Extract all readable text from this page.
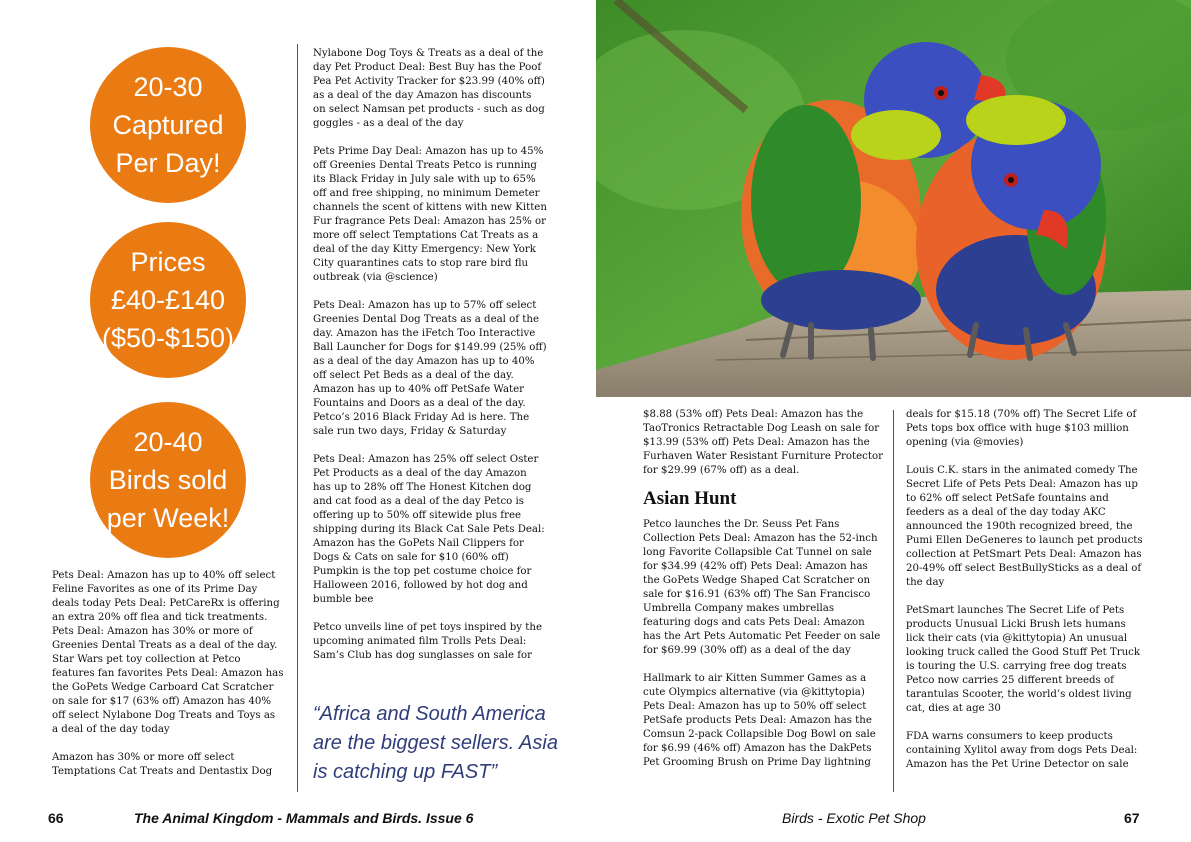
20-30
Captured
Per Day!
Prices
£40-£140
($50-$150)
20-40
Birds sold
per Week!

Pets Deal: Amazon has up to 40% off select Feline Favorites as one of its Prime Day deals today Pets Deal: PetCareRx is offering an extra 20% off flea and tick treatments. Pets Deal: Amazon has 30% or more of Greenies Dental Treats as a deal of the day. Star Wars pet toy collection at Petco features fan favorites Pets Deal: Amazon has the GoPets Wedge Carboard Cat Scratcher on sale for $17 (63% off) Amazon has 40% off select Nylabone Dog Treats and Toys as a deal of the day today

Amazon has 30% or more off select Temptations Cat Treats and Dentastix Dog

Nylabone Dog Toys & Treats as a deal of the day Pet Product Deal: Best Buy has the Poof Pea Pet Activity Tracker for $23.99 (40% off) as a deal of the day Amazon has discounts on select Namsan pet products - such as dog goggles - as a deal of the day

Pets Prime Day Deal: Amazon has up to 45% off Greenies Dental Treats Petco is running its Black Friday in July sale with up to 65% off and free shipping, no minimum Demeter channels the scent of kittens with new Kitten Fur fragrance Pets Deal: Amazon has 25% or more off select Temptations Cat Treats as a deal of the day Kitty Emergency: New York City quarantines cats to stop rare bird flu outbreak (via @science)

Pets Deal: Amazon has up to 57% off select Greenies Dental Dog Treats as a deal of the day. Amazon has the iFetch Too Interactive Ball Launcher for Dogs for $149.99 (25% off) as a deal of the day Amazon has up to 40% off select Pet Beds as a deal of the day. Amazon has up to 40% off PetSafe Water Fountains and Doors as a deal of the day. Petco’s 2016 Black Friday Ad is here. The sale run two days, Friday & Saturday

Pets Deal: Amazon has 25% off select Oster Pet Products as a deal of the day Amazon has up to 28% off The Honest Kitchen dog and cat food as a deal of the day Petco is offering up to 50% off sitewide plus free shipping during its Black Cat Sale Pets Deal: Amazon has the GoPets Nail Clippers for Dogs & Cats on sale for $10 (60% off) Pumpkin is the top pet costume choice for Halloween 2016, followed by hot dog and bumble bee

Petco unveils line of pet toys inspired by the upcoming animated film Trolls Pets Deal: Sam’s Club has dog sunglasses on sale for

“Africa and South America are the biggest sellers. Asia is catching up FAST”

$8.88 (53% off) Pets Deal: Amazon has the TaoTronics Retractable Dog Leash on sale for $13.99 (53% off) Pets Deal: Amazon has the Furhaven Water Resistant Furniture Protector for $29.99 (67% off) as a deal.

Asian Hunt

Petco launches the Dr. Seuss Pet Fans Collection Pets Deal: Amazon has the 52-inch long Favorite Collapsible Cat Tunnel on sale for $34.99 (42% off) Pets Deal: Amazon has the GoPets Wedge Shaped Cat Scratcher on sale for $16.91 (63% off) The San Francisco Umbrella Company makes umbrellas featuring dogs and cats Pets Deal: Amazon has the Art Pets Automatic Pet Feeder on sale for $69.99 (30% off) as a deal of the day

Hallmark to air Kitten Summer Games as a cute Olympics alternative (via @kittytopia) Pets Deal: Amazon has up to 50% off select PetSafe products Pets Deal: Amazon has the Comsun 2-pack Collapsible Dog Bowl on sale for $6.99 (46% off) Amazon has the DakPets Pet Grooming Brush on Prime Day lightning

deals for $15.18 (70% off) The Secret Life of Pets tops box office with huge $103 million opening (via @movies)

Louis C.K. stars in the animated comedy The Secret Life of Pets Pets Deal: Amazon has up to 62% off select PetSafe fountains and feeders as a deal of the day today AKC announced the 190th recognized breed, the Pumi Ellen DeGeneres to launch pet products collection at PetSmart Pets Deal: Amazon has 20-49% off select BestBullySticks as a deal of the day

PetSmart launches The Secret Life of Pets products Unusual Licki Brush lets humans lick their cats (via @kittytopia) An unusual looking truck called the Good Stuff Pet Truck is touring the U.S. carrying free dog treats Petco now carries 25 different breeds of tarantulas Scooter, the world’s oldest living cat, dies at age 30

FDA warns consumers to keep products containing Xylitol away from dogs Pets Deal: Amazon has the Pet Urine Detector on sale

66	The Animal Kingdom - Mammals and Birds. Issue 6	Birds - Exotic Pet Shop	67
